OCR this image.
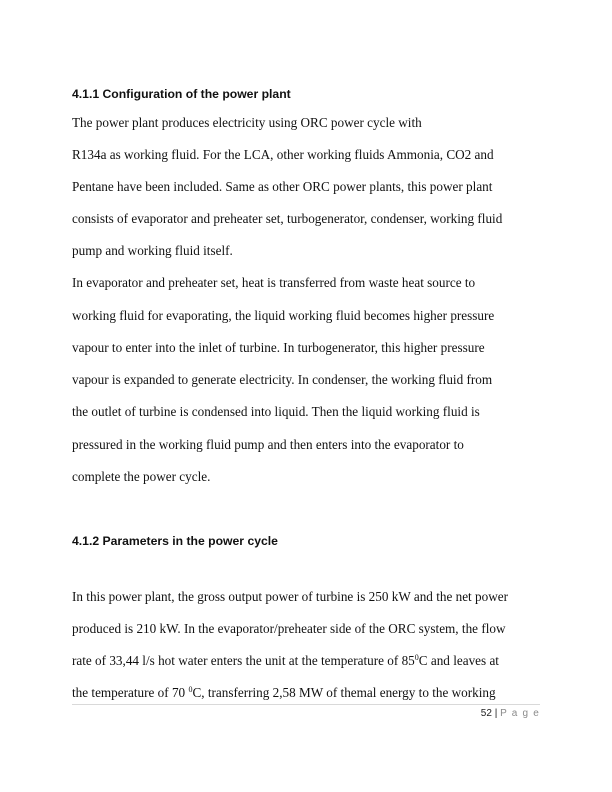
4.1.1 Configuration of the power plant
The power plant produces electricity using ORC power cycle with
R134a as working fluid. For the LCA, other working fluids Ammonia, CO2 and
Pentane have been included. Same as other ORC power plants, this power plant
consists of evaporator and preheater set, turbogenerator, condenser, working fluid
pump and working fluid itself.
In evaporator and preheater set, heat is transferred from waste heat source to
working fluid for evaporating, the liquid working fluid becomes higher pressure
vapour to enter into the inlet of turbine. In turbogenerator, this higher pressure
vapour is expanded to generate electricity. In condenser, the working fluid from
the outlet of turbine is condensed into liquid. Then the liquid working fluid is
pressured in the working fluid pump and then enters into the evaporator to
complete the power cycle.
4.1.2 Parameters in the power cycle
In this power plant, the gross output power of turbine is 250 kW and the net power
produced is 210 kW. In the evaporator/preheater side of the ORC system, the flow
rate of 33,44 l/s hot water enters the unit at the temperature of $85^0C$ and leaves at
the temperature of 70 $^0$C, transferring 2,58 MW of themal energy to the working
52 | P a g e
